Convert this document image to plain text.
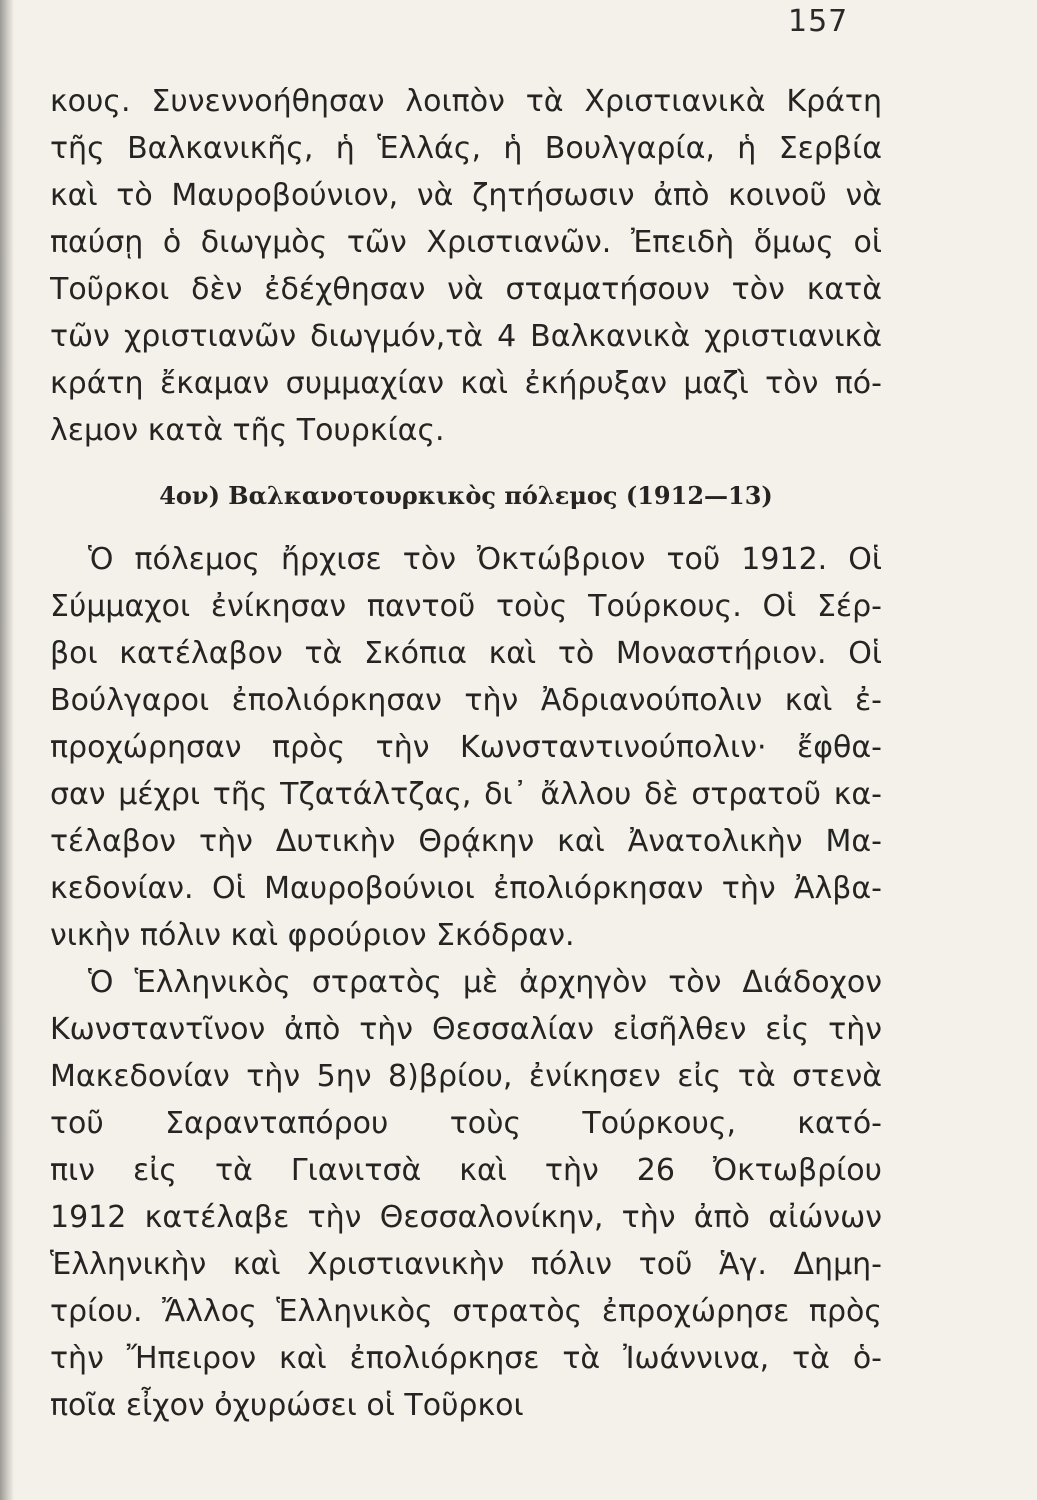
157
κους. Συνεννοήθησαν λοιπὸν τὰ Χριστιανικὰ Κράτη
τῆς Βαλκανικῆς, ἡ Ἑλλάς, ἡ Βουλγαρία, ἡ Σερβία
καὶ τὸ Μαυροβούνιον, νὰ ζητήσωσιν ἀπὸ κοινοῦ νὰ
παύσῃ ὁ διωγμὸς τῶν Χριστιανῶν. Ἐπειδὴ ὅμως οἱ
Τοῦρκοι δὲν ἐδέχθησαν νὰ σταματήσουν τὸν κατὰ
τῶν χριστιανῶν διωγμόν,τὰ 4 Βαλκανικὰ χριστιανικὰ
κράτη ἔκαμαν συμμαχίαν καὶ ἐκήρυξαν μαζὶ τὸν πό-
λεμον κατὰ τῆς Τουρκίας.
4ον) Βαλκανοτουρκικὸς πόλεμος (1912—13)
Ὁ πόλεμος ἤρχισε τὸν Ὀκτώβριον τοῦ 1912. Οἱ
Σύμμαχοι ἐνίκησαν παντοῦ τοὺς Τούρκους. Οἱ Σέρ-
βοι κατέλαβον τὰ Σκόπια καὶ τὸ Μοναστήριον. Οἱ
Βούλγαροι ἐπολιόρκησαν τὴν Ἀδριανούπολιν καὶ ἐ-
προχώρησαν πρὸς τὴν Κωνσταντινούπολιν· ἔφθα-
σαν μέχρι τῆς Τζατάλτζας, δι᾽ ἄλλου δὲ στρατοῦ κα-
τέλαβον τὴν Δυτικὴν Θρᾴκην καὶ Ἀνατολικὴν Μα-
κεδονίαν. Οἱ Μαυροβούνιοι ἐπολιόρκησαν τὴν Ἀλβα-
νικὴν πόλιν καὶ φρούριον Σκόδραν.
Ὁ Ἑλληνικὸς στρατὸς μὲ ἀρχηγὸν τὸν Διάδοχον
Κωνσταντῖνον ἀπὸ τὴν Θεσσαλίαν εἰσῆλθεν εἰς τὴν
Μακεδονίαν τὴν 5ην 8)βρίου, ἐνίκησεν εἰς τὰ στενὰ
τοῦ Σαρανταπόρου τοὺς Τούρκους, κατό-
πιν εἰς τὰ Γιανιτσὰ καὶ τὴν 26 Ὀκτωβρίου
1912 κατέλαβε τὴν Θεσσαλονίκην, τὴν ἀπὸ αἰώνων
Ἑλληνικὴν καὶ Χριστιανικὴν πόλιν τοῦ Ἁγ. Δημη-
τρίου. Ἄλλος Ἑλληνικὸς στρατὸς ἐπροχώρησε πρὸς
τὴν Ἤπειρον καὶ ἐπολιόρκησε τὰ Ἰωάννινα, τὰ ὁ-
ποῖα εἶχον ὀχυρώσει οἱ Τοῦρκοι
